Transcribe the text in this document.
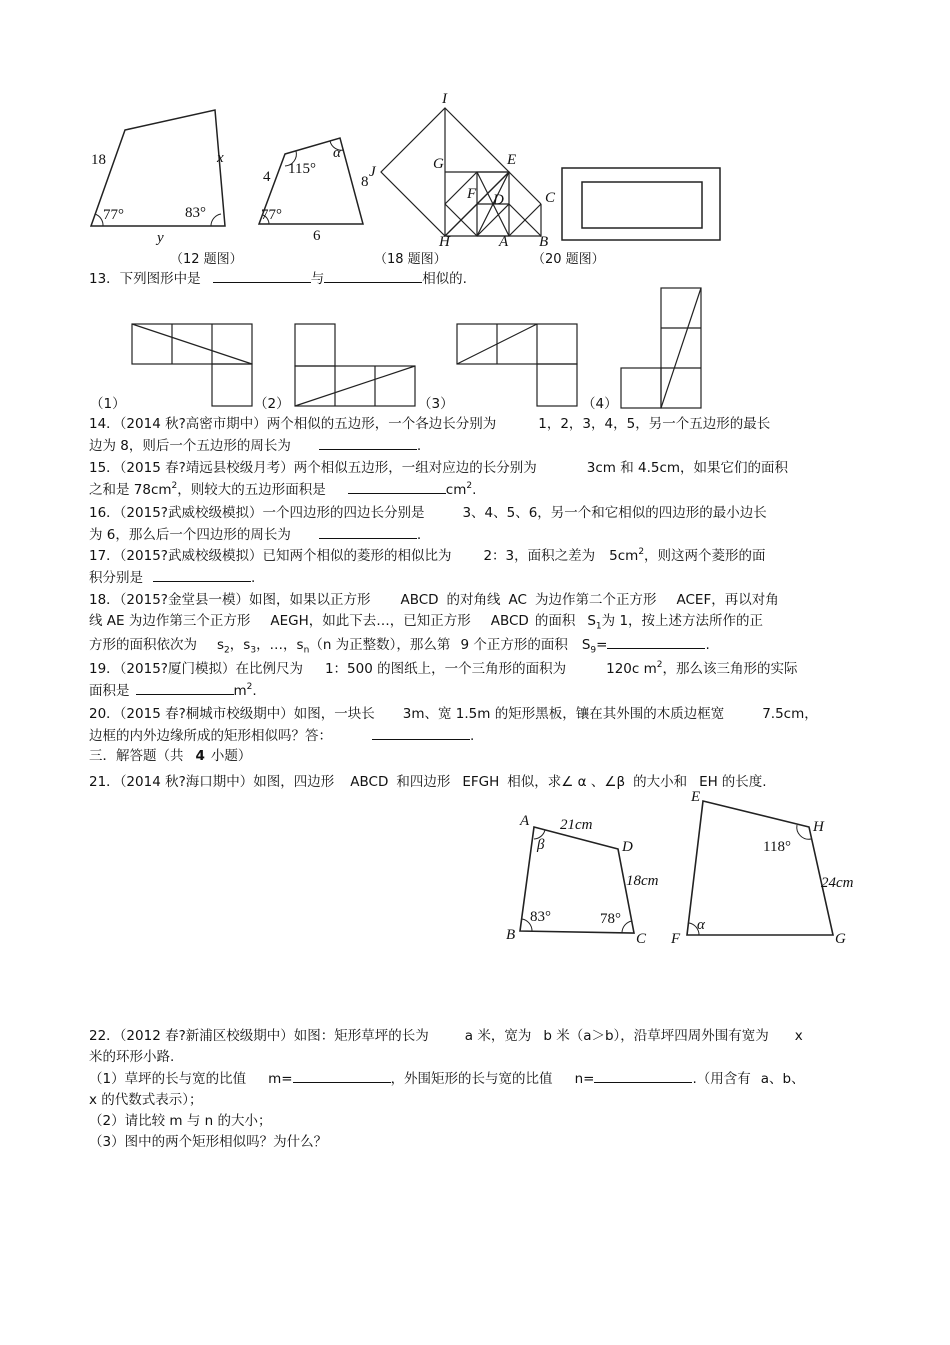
18	x
y
77°	83°
115°
α
4	8
6
77°
I
J	G	E
F D	C
H	A B
（12 题图）	（18 题图）	（20 题图）
13．下列图形中是	与	相似的.
（1）	（2）	（3）	（4）
14．（2014 秋?高密市期中）两个相似的五边形，一个各边长分别为	1，2，3，4，5，另一个五边形的最长
边为 8，则后一个五边形的周长为	.
15．（2015 春?靖远县校级月考）两个相似五边形，一组对应边的长分别为	3cm 和 4.5cm，如果它们的面积
之和是 $78cm^2$，则较大的五边形面积是	$cm^2$.
16．（2015?武威校级模拟）一个四边形的四边长分别是	3、4、5、6，另一个和它相似的四边形的最小边长
为 6，那么后一个四边形的周长为	.
17．（2015?武威校级模拟）已知两个相似的菱形的相似比为 2：3，面积之差为 $5cm^2$，则这两个菱形的面
积分别是	.
18．（2015?金堂县一模）如图，如果以正方形 ABCD 的对角线 AC 为边作第二个正方形 ACEF，再以对角
线 AE 为边作第三个正方形 AEGH，如此下去…，已知正方形 ABCD 的面积 $S_1$为 1，按上述方法所作的正
方形的面积依次为 $s_2$，$s_3$，…，$s_n(n$ 为正整数），那么第 9 个正方形的面积 $S_9=$	.
19．（2015?厦门模拟）在比例尺为 1：500 的图纸上，一个三角形的面积为	120c $m^2$，那么该三角形的实际
面积是	$m^2$.
20．（2015 春?桐城市校级期中）如图，一块长 3m、宽 1.5m 的矩形黑板，镶在其外围的木质边框宽	7.5cm，
边框的内外边缘所成的矩形相似吗？答：	.
三．解答题（共 4 小题）
21．（2014 秋?海口期中）如图，四边形 ABCD 和四边形 EFGH 相似，求∠ α 、∠β 的大小和 EH 的长度.
A
B	C
D
β
21cm
18cm
83°	78°
E
F	G
H
α
118°
24cm
22．（2012 春?新浦区校级期中）如图：矩形草坪的长为	a 米，宽为 b 米（a＞b），沿草坪四周外围有宽为 x
米的环形小路.
（1）草坪的长与宽的比值 m=	，外围矩形的长与宽的比值 n=	.（用含有 a、b、
x 的代数式表示）；
（2）请比较 m 与 n 的大小；
（3）图中的两个矩形相似吗？为什么？
